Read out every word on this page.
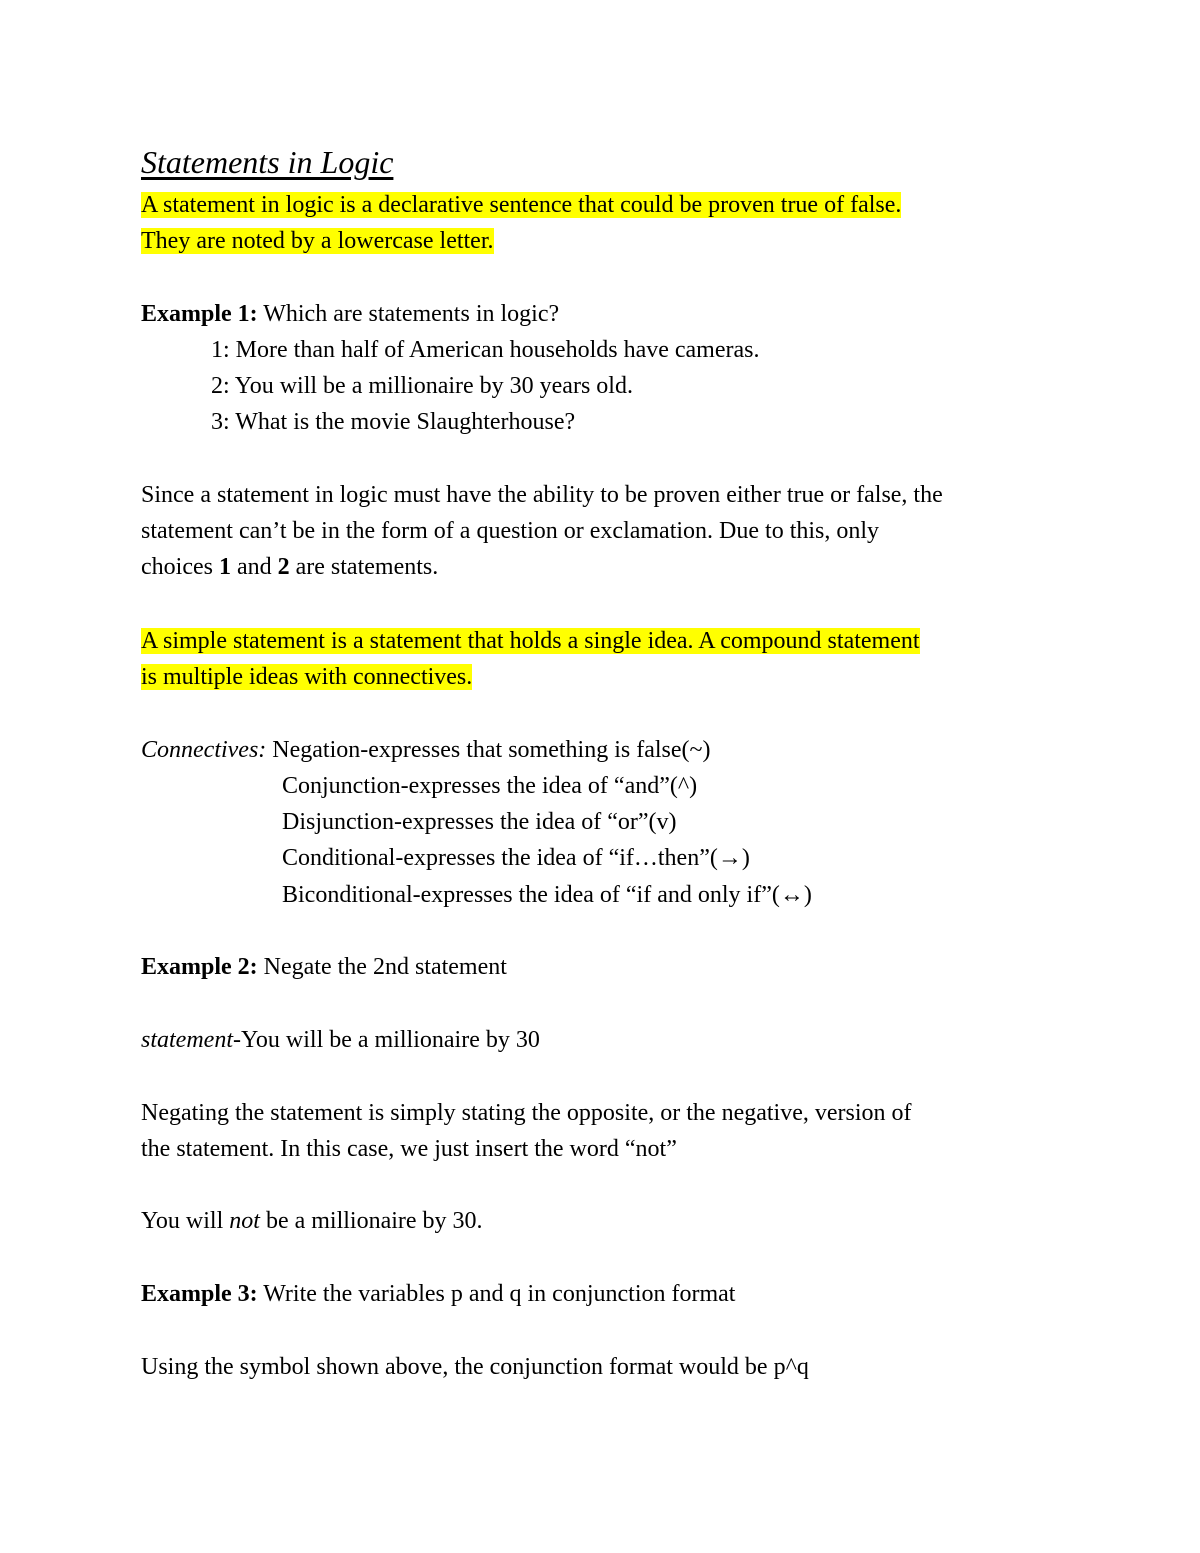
Statements in Logic
A statement in logic is a declarative sentence that could be proven true of false.
They are noted by a lowercase letter.
Example 1: Which are statements in logic?
1: More than half of American households have cameras.
2: You will be a millionaire by 30 years old.
3: What is the movie Slaughterhouse?
Since a statement in logic must have the ability to be proven either true or false, the
statement can’t be in the form of a question or exclamation. Due to this, only
choices 1 and 2 are statements.
A simple statement is a statement that holds a single idea. A compound statement
is multiple ideas with connectives.
Connectives: Negation-expresses that something is false(~)
Conjunction-expresses the idea of “and”(^)
Disjunction-expresses the idea of “or”(v)
Conditional-expresses the idea of “if…then”(→)
Biconditional-expresses the idea of “if and only if”(↔)
Example 2: Negate the 2nd statement
statement-You will be a millionaire by 30
Negating the statement is simply stating the opposite, or the negative, version of
the statement. In this case, we just insert the word “not”
You will not be a millionaire by 30.
Example 3: Write the variables p and q in conjunction format
Using the symbol shown above, the conjunction format would be p^q
